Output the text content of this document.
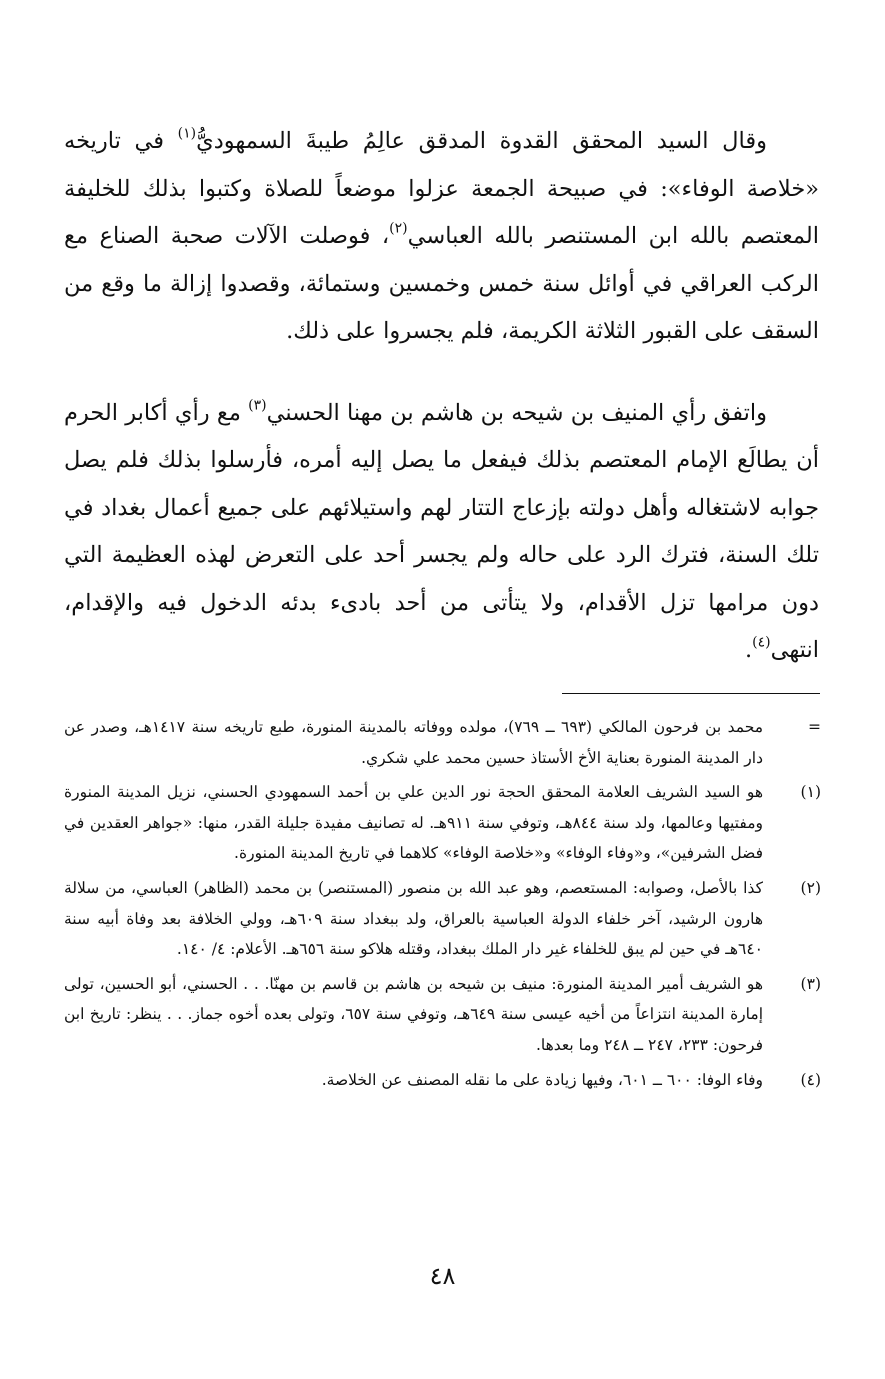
وقال السيد المحقق القدوة المدقق عالِمُ طيبةَ السمهوديُّ$^{(١)}$ في تاريخه «خلاصة الوفاء»: في صبيحة الجمعة عزلوا موضعاً للصلاة وكتبوا بذلك للخليفة المعتصم بالله ابن المستنصر بالله العباسي$^{(٢)}$، فوصلت الآلات صحبة الصناع مع الركب العراقي في أوائل سنة خمس وخمسين وستمائة، وقصدوا إزالة ما وقع من السقف على القبور الثلاثة الكريمة، فلم يجسروا على ذلك.

واتفق رأي المنيف بن شيحه بن هاشم بن مهنا الحسني$^{(٣)}$ مع رأي أكابر الحرم أن يطالَع الإمام المعتصم بذلك فيفعل ما يصل إليه أمره، فأرسلوا بذلك فلم يصل جوابه لاشتغاله وأهل دولته بإزعاج التتار لهم واستيلائهم على جميع أعمال بغداد في تلك السنة، فترك الرد على حاله ولم يجسر أحد على التعرض لهذه العظيمة التي دون مرامها تزل الأقدام، ولا يتأتى من أحد بادىء بدئه الدخول فيه والإقدام، انتهى$^{(٤)}$.

=
محمد بن فرحون المالكي (٦٩٣ ــ ٧٦٩)، مولده ووفاته بالمدينة المنورة، طبع تاريخه سنة ١٤١٧هـ، وصدر عن دار المدينة المنورة بعناية الأخ الأستاذ حسين محمد علي شكري.
(١)
هو السيد الشريف العلامة المحقق الحجة نور الدين علي بن أحمد السمهودي الحسني، نزيل المدينة المنورة ومفتيها وعالمها، ولد سنة ٨٤٤هـ، وتوفي سنة ٩١١هـ. له تصانيف مفيدة جليلة القدر، منها: «جواهر العقدين في فضل الشرفين»، و«وفاء الوفاء» و«خلاصة الوفاء» كلاهما في تاريخ المدينة المنورة.
(٢)
كذا بالأصل، وصوابه: المستعصم، وهو عبد الله بن منصور (المستنصر) بن محمد (الظاهر) العباسي، من سلالة هارون الرشيد، آخر خلفاء الدولة العباسية بالعراق، ولد ببغداد سنة ٦٠٩هـ، وولي الخلافة بعد وفاة أبيه سنة ٦٤٠هـ في حين لم يبق للخلفاء غير دار الملك ببغداد، وقتله هلاكو سنة ٦٥٦هـ. الأعلام: ٤/ ١٤٠.
(٣)
هو الشريف أمير المدينة المنورة: منيف بن شيحه بن هاشم بن قاسم بن مهنّا. . . الحسني، أبو الحسين، تولى إمارة المدينة انتزاعاً من أخيه عيسى سنة ٦٤٩هـ، وتوفي سنة ٦٥٧، وتولى بعده أخوه جماز. . . ينظر: تاريخ ابن فرحون: ٢٣٣، ٢٤٧ ــ ٢٤٨ وما بعدها.
(٤)
وفاء الوفا: ٦٠٠ ــ ٦٠١، وفيها زيادة على ما نقله المصنف عن الخلاصة.
٤٨
